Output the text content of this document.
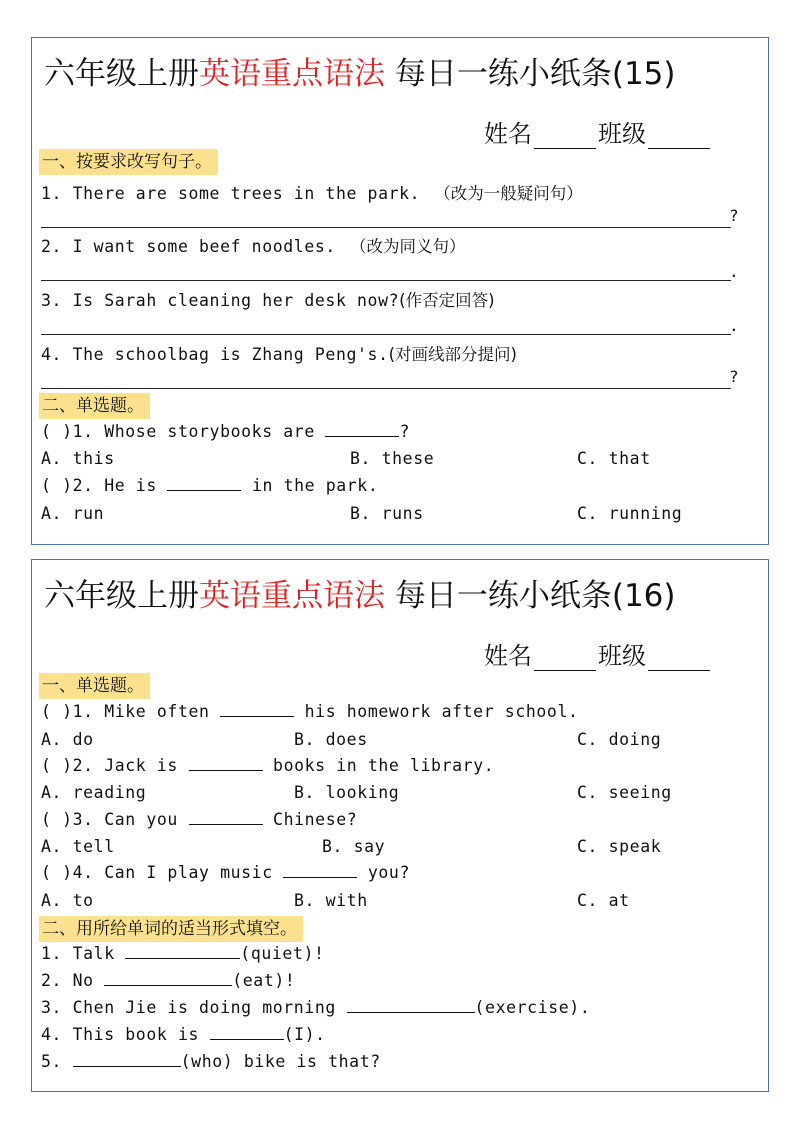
六年级上册英语重点语法 每日一练小纸条(15)
姓名	班级
一、按要求改写句子。
1. There are some trees in the park. （改为一般疑问句）
?
2. I want some beef noodles. （改为同义句）
.
3. Is Sarah cleaning her desk now?(作否定回答)
.
4. The schoolbag is Zhang Peng's.(对画线部分提问)
?
二、单选题。
( )1. Whose storybooks are	?
A. this	B. these	C. that
( )2. He is	in the park.
A. run	B. runs	C. running
六年级上册英语重点语法 每日一练小纸条(16)
姓名	班级
一、单选题。
( )1. Mike often	his homework after school.
A. do	B. does	C. doing
( )2. Jack is	books in the library.
A. reading	B. looking	C. seeing
( )3. Can you	Chinese?
A. tell	B. say	C. speak
( )4. Can I play music	you?
A. to	B. with	C. at
二、用所给单词的适当形式填空。
1. Talk	(quiet)!
2. No	(eat)!
3. Chen Jie is doing morning	(exercise).
4. This book is	(I).
5.	(who) bike is that?
